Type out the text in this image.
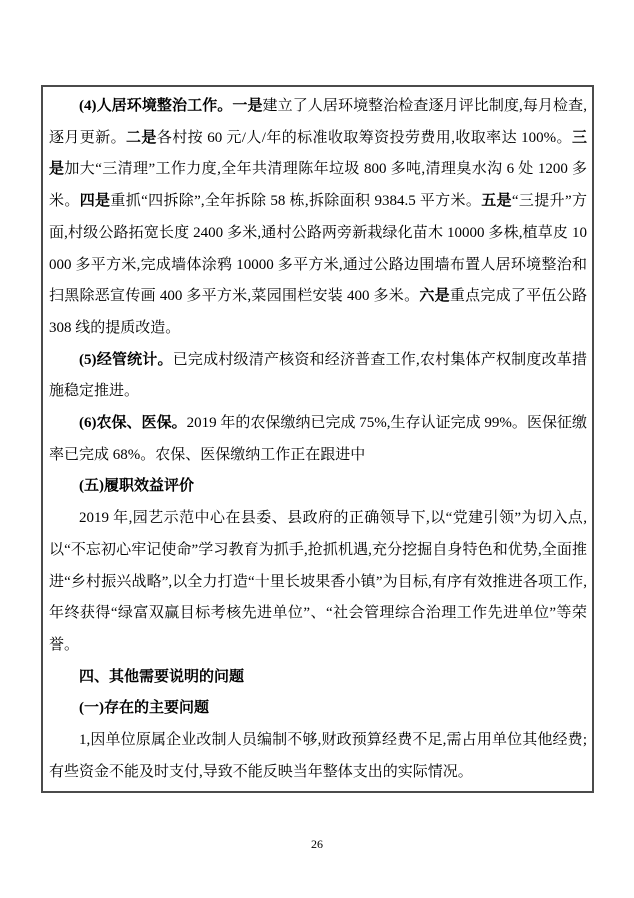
(4)人居环境整治工作。一是建立了人居环境整治检查逐月评比制度,每月检查,逐月更新。二是各村按 60 元/人/年的标准收取筹资投劳费用,收取率达 100%。三是加大“三清理”工作力度,全年共清理陈年垃圾 800 多吨,清理臭水沟 6 处 1200 多米。四是重抓“四拆除”,全年拆除 58 栋,拆除面积 9384.5 平方米。五是“三提升”方面,村级公路拓宽长度 2400 多米,通村公路两旁新栽绿化苗木 10000 多株,植草皮 10000 多平方米,完成墙体涂鸦 10000 多平方米,通过公路边围墙布置人居环境整治和扫黑除恶宣传画 400 多平方米,菜园围栏安装 400 多米。六是重点完成了平伍公路 308 线的提质改造。

(5)经管统计。已完成村级清产核资和经济普查工作,农村集体产权制度改革措施稳定推进。

(6)农保、医保。2019 年的农保缴纳已完成 75%,生存认证完成 99%。医保征缴率已完成 68%。农保、医保缴纳工作正在跟进中

(五)履职效益评价

2019 年,园艺示范中心在县委、县政府的正确领导下,以“党建引领”为切入点,以“不忘初心牢记使命”学习教育为抓手,抢抓机遇,充分挖掘自身特色和优势,全面推进“乡村振兴战略”,以全力打造“十里长坡果香小镇”为目标,有序有效推进各项工作,年终获得“绿富双赢目标考核先进单位”、“社会管理综合治理工作先进单位”等荣誉。

四、其他需要说明的问题

(一)存在的主要问题

1,因单位原属企业改制人员编制不够,财政预算经费不足,需占用单位其他经费;有些资金不能及时支付,导致不能反映当年整体支出的实际情况。

26
